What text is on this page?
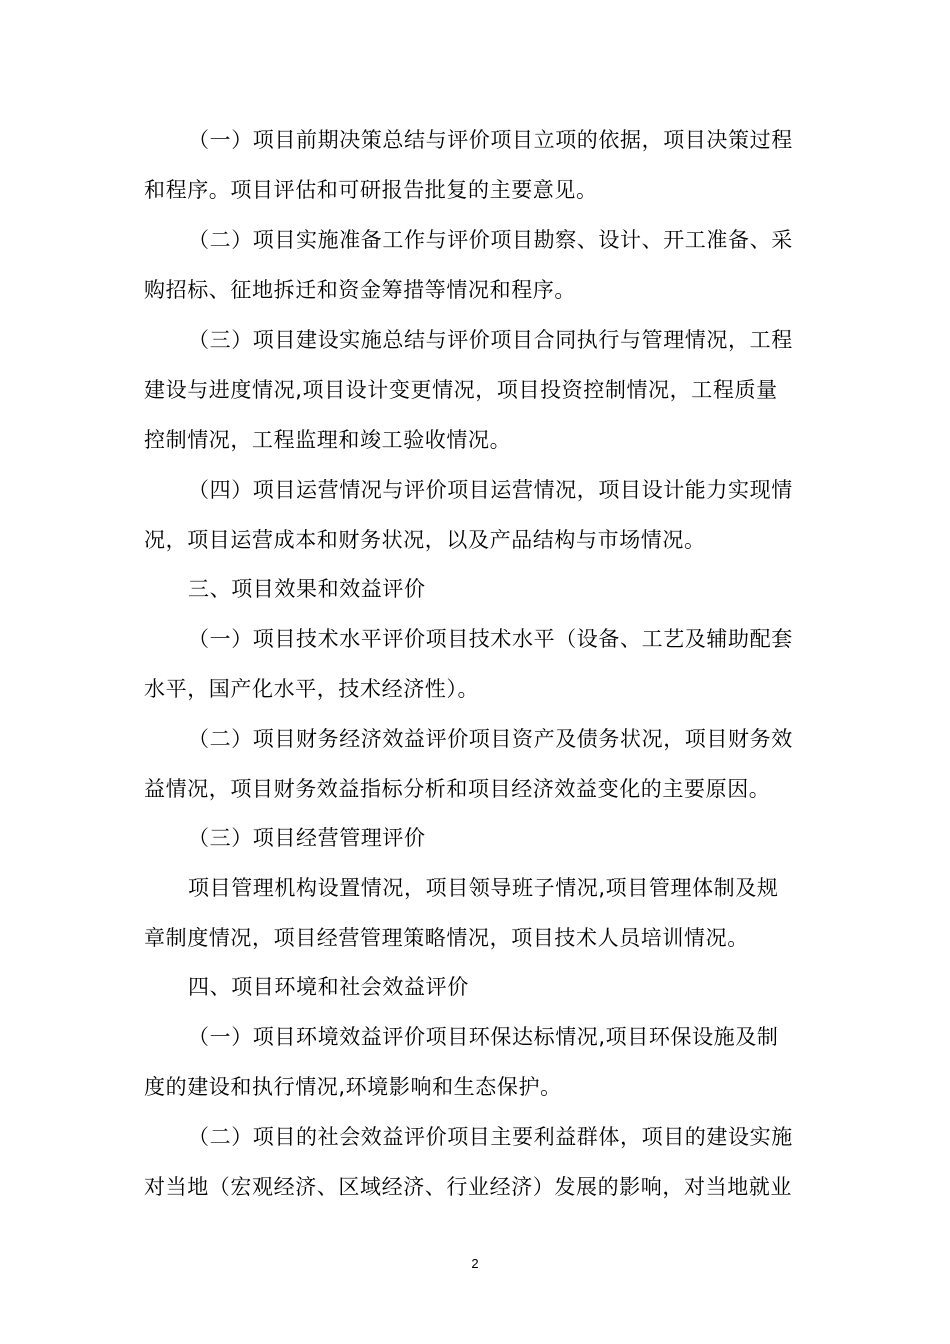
（一）项目前期决策总结与评价项目立项的依据，项目决策过程
和程序。项目评估和可研报告批复的主要意见。
（二）项目实施准备工作与评价项目勘察、设计、开工准备、采
购招标、征地拆迁和资金筹措等情况和程序。
（三）项目建设实施总结与评价项目合同执行与管理情况，工程
建设与进度情况,项目设计变更情况，项目投资控制情况，工程质量
控制情况，工程监理和竣工验收情况。
（四）项目运营情况与评价项目运营情况，项目设计能力实现情
况，项目运营成本和财务状况，以及产品结构与市场情况。
三、项目效果和效益评价
（一）项目技术水平评价项目技术水平（设备、工艺及辅助配套
水平，国产化水平，技术经济性）。
（二）项目财务经济效益评价项目资产及债务状况，项目财务效
益情况，项目财务效益指标分析和项目经济效益变化的主要原因。
（三）项目经营管理评价
项目管理机构设置情况，项目领导班子情况,项目管理体制及规
章制度情况，项目经营管理策略情况，项目技术人员培训情况。
四、项目环境和社会效益评价
（一）项目环境效益评价项目环保达标情况,项目环保设施及制
度的建设和执行情况,环境影响和生态保护。
（二）项目的社会效益评价项目主要利益群体，项目的建设实施
对当地（宏观经济、区域经济、行业经济）发展的影响，对当地就业
2
